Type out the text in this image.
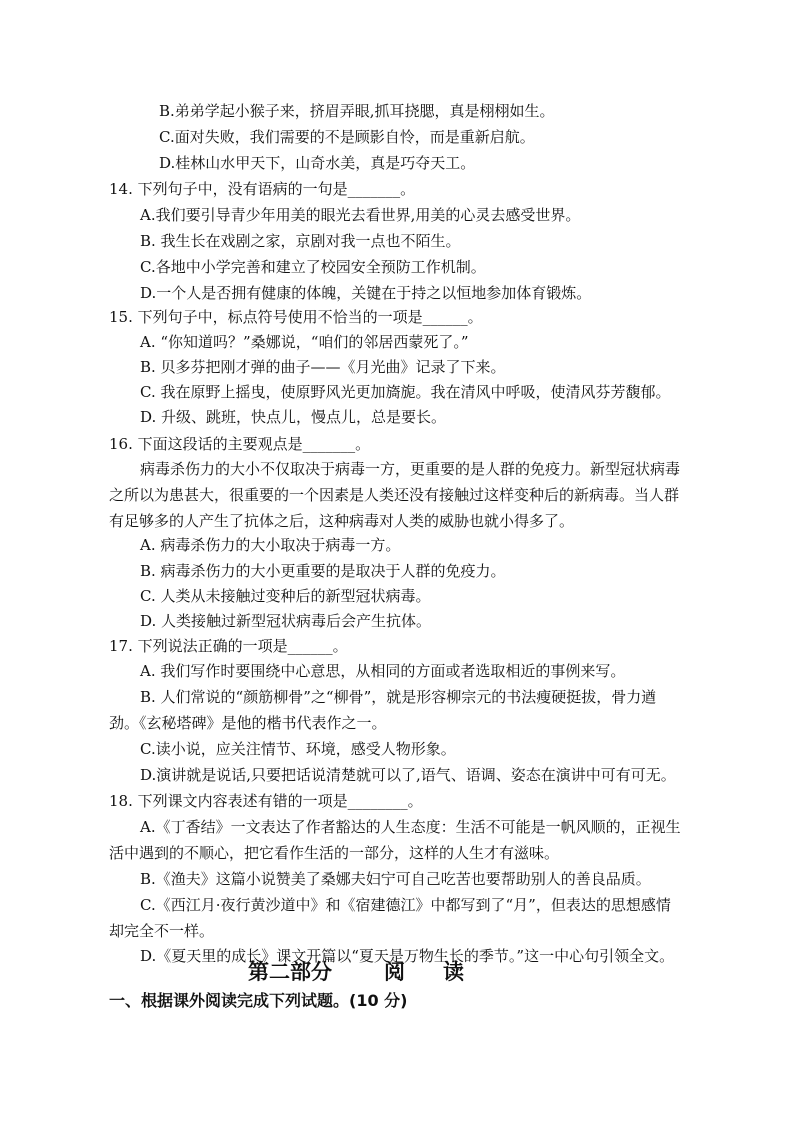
B.弟弟学起小猴子来，挤眉弄眼,抓耳挠腮，真是栩栩如生。
C.面对失败，我们需要的不是顾影自怜，而是重新启航。
D.桂林山水甲天下，山奇水美，真是巧夺天工。
14. 下列句子中，没有语病的一句是_______。
A.我们要引导青少年用美的眼光去看世界,用美的心灵去感受世界。
B. 我生长在戏剧之家，京剧对我一点也不陌生。
C.各地中小学完善和建立了校园安全预防工作机制。
D.一个人是否拥有健康的体魄，关键在于持之以恒地参加体育锻炼。
15. 下列句子中，标点符号使用不恰当的一项是______。
A. “你知道吗？”桑娜说，“咱们的邻居西蒙死了。”
B. 贝多芬把刚才弹的曲子——《月光曲》记录了下来。
C. 我在原野上摇曳，使原野风光更加旖旎。我在清风中呼吸，使清风芬芳馥郁。
D. 升级、跳班，快点儿，慢点儿，总是要长。
16. 下面这段话的主要观点是_______。
病毒杀伤力的大小不仅取决于病毒一方，更重要的是人群的免疫力。新型冠状病毒
之所以为患甚大，很重要的一个因素是人类还没有接触过这样变种后的新病毒。当人群
有足够多的人产生了抗体之后，这种病毒对人类的威胁也就小得多了。
A. 病毒杀伤力的大小取决于病毒一方。
B. 病毒杀伤力的大小更重要的是取决于人群的免疫力。
C. 人类从未接触过变种后的新型冠状病毒。
D. 人类接触过新型冠状病毒后会产生抗体。
17. 下列说法正确的一项是______。
A. 我们写作时要围绕中心意思，从相同的方面或者选取相近的事例来写。
B. 人们常说的“颜筋柳骨”之“柳骨”，就是形容柳宗元的书法瘦硬挺拔，骨力遒
劲。《玄秘塔碑》是他的楷书代表作之一。
C.读小说，应关注情节、环境，感受人物形象。
D.演讲就是说话,只要把话说清楚就可以了,语气、语调、姿态在演讲中可有可无。
18. 下列课文内容表述有错的一项是________。
A.《丁香结》一文表达了作者豁达的人生态度：生活不可能是一帆风顺的，正视生
活中遇到的不顺心，把它看作生活的一部分，这样的人生才有滋味。
B.《渔夫》这篇小说赞美了桑娜夫妇宁可自己吃苦也要帮助别人的善良品质。
C.《西江月·夜行黄沙道中》和《宿建德江》中都写到了“月”，但表达的思想感情
却完全不一样。
D.《夏天里的成长》课文开篇以“夏天是万物生长的季节。”这一中心句引领全文。
第二部分 阅 读
一、根据课外阅读完成下列试题。(10 分)
